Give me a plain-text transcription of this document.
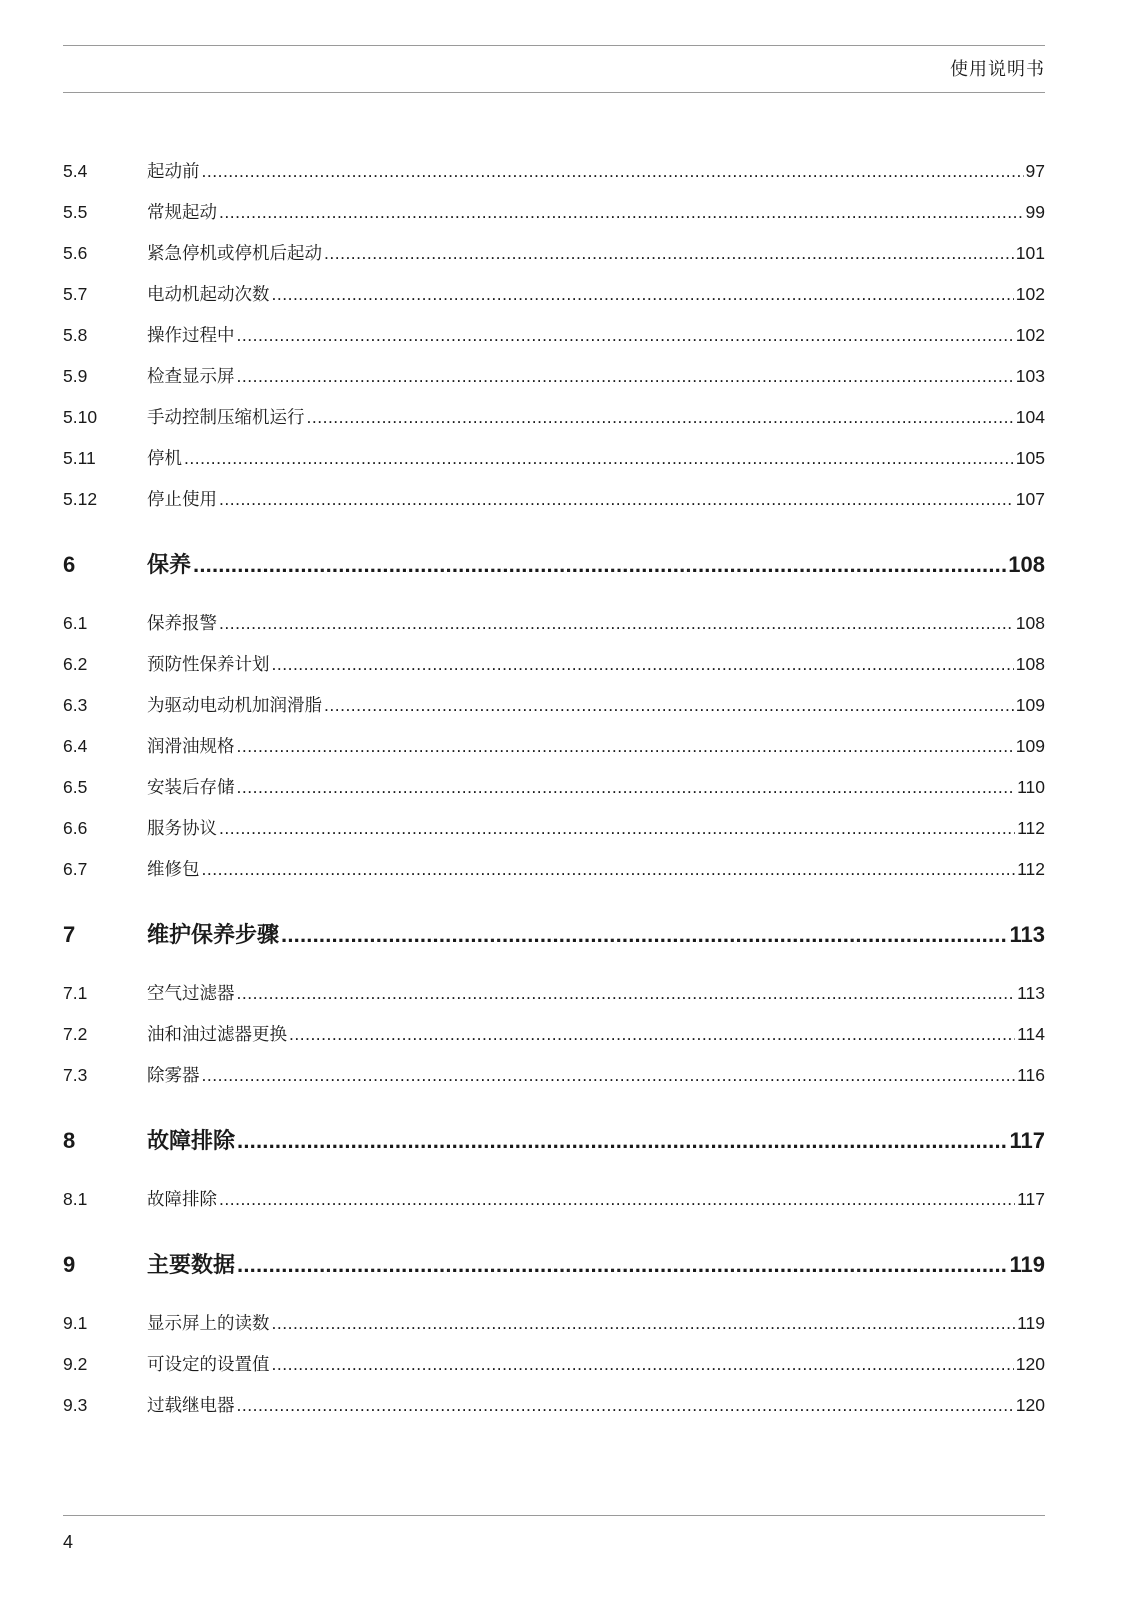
使用说明书
5.4	起动前 .....	97
5.5	常规起动 .....	99
5.6	紧急停机或停机后起动 .....	101
5.7	电动机起动次数 .....	102
5.8	操作过程中 .....	102
5.9	检查显示屏 .....	103
5.10	手动控制压缩机运行 .....	104
5.11	停机 .....	105
5.12	停止使用 .....	107
6	保养 .....	108
6.1	保养报警 .....	108
6.2	预防性保养计划 .....	108
6.3	为驱动电动机加润滑脂 .....	109
6.4	润滑油规格 .....	109
6.5	安装后存储 .....	110
6.6	服务协议 .....	112
6.7	维修包 .....	112
7	维护保养步骤 .....	113
7.1	空气过滤器 .....	113
7.2	油和油过滤器更换 .....	114
7.3	除雾器 .....	116
8	故障排除 .....	117
8.1	故障排除 .....	117
9	主要数据 .....	119
9.1	显示屏上的读数 .....	119
9.2	可设定的设置值 .....	120
9.3	过载继电器 .....	120
4
